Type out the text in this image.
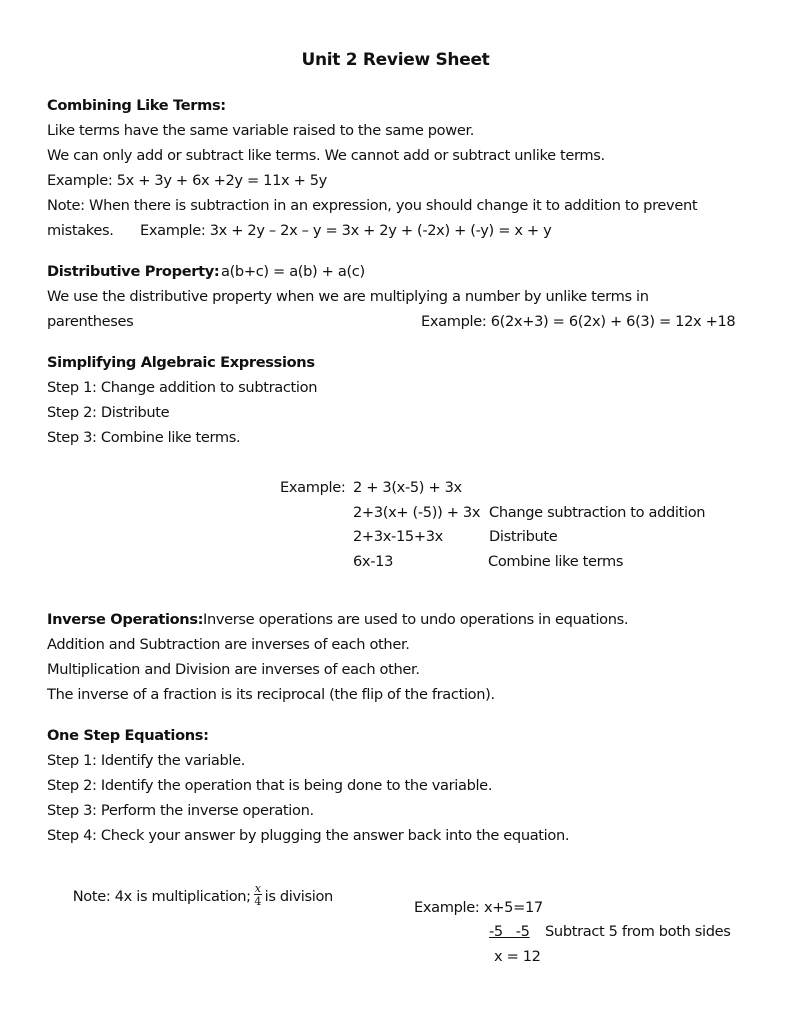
Unit 2 Review Sheet
Combining Like Terms:
Like terms have the same variable raised to the same power.
We can only add or subtract like terms. We cannot add or subtract unlike terms.
Example: 5x + 3y + 6x +2y = 11x + 5y
Note: When there is subtraction in an expression, you should change it to addition to prevent
mistakes. Example: 3x + 2y – 2x – y = 3x + 2y + (-2x) + (-y) = x + y
Distributive Property: a(b+c) = a(b) + a(c)
We use the distributive property when we are multiplying a number by unlike terms in
parentheses	Example: 6(2x+3) = 6(2x) + 6(3) = 12x +18
Simplifying Algebraic Expressions
Step 1: Change addition to subtraction
Step 2: Distribute
Step 3: Combine like terms.
Example: 2 + 3(x-5) + 3x
2+3(x+ (-5)) + 3x Change subtraction to addition
2+3x-15+3x	Distribute
6x-13	Combine like terms
Inverse Operations: Inverse operations are used to undo operations in equations.
Addition and Subtraction are inverses of each other.
Multiplication and Division are inverses of each other.
The inverse of a fraction is its reciprocal (the flip of the fraction).
One Step Equations:
Step 1: Identify the variable.
Step 2: Identify the operation that is being done to the variable.
Step 3: Perform the inverse operation.
Step 4: Check your answer by plugging the answer back into the equation.

Note: 4x is multiplication; $\frac{x}{4}$ is division

Example: x+5=17
-5   -5 Subtract 5 from both sides
x = 12
